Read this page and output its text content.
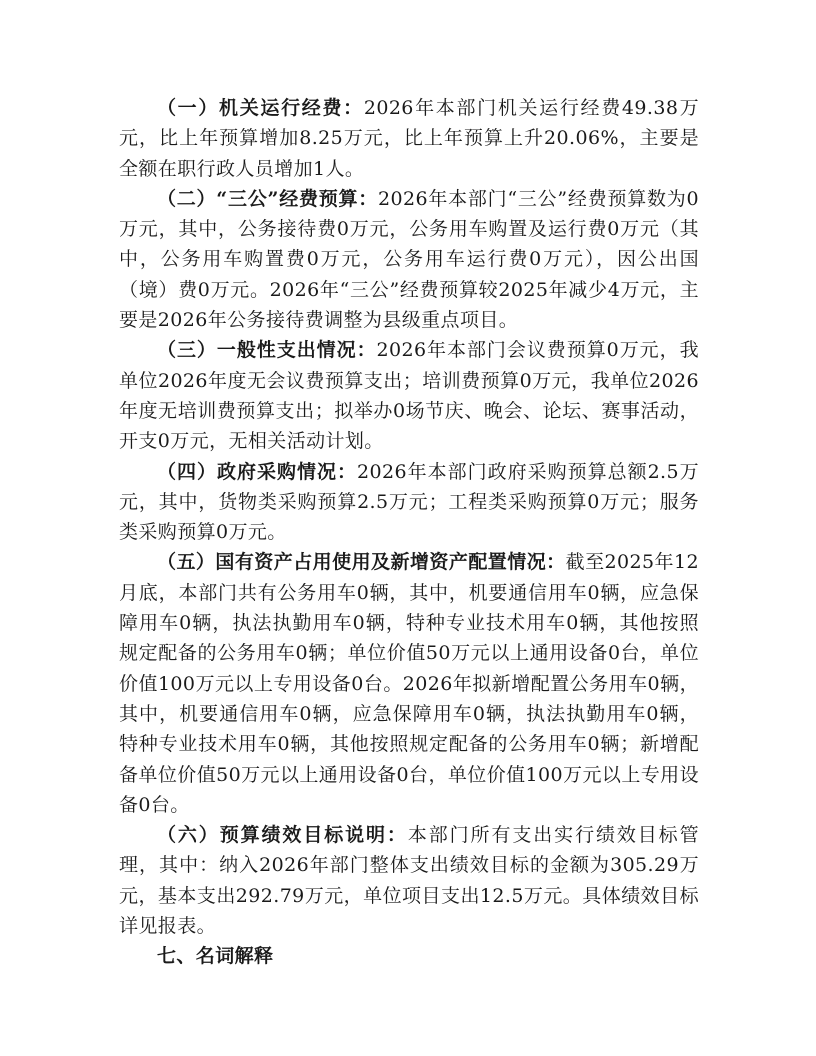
（一）机关运行经费：2026年本部门机关运行经费49.38万元，比上年预算增加8.25万元，比上年预算上升20.06%，主要是全额在职行政人员增加1人。

（二）“三公”经费预算：2026年本部门“三公”经费预算数为0万元，其中，公务接待费0万元，公务用车购置及运行费0万元（其中，公务用车购置费0万元，公务用车运行费0万元），因公出国（境）费0万元。2026年“三公”经费预算较2025年减少4万元，主要是2026年公务接待费调整为县级重点项目。

（三）一般性支出情况：2026年本部门会议费预算0万元，我单位2026年度无会议费预算支出；培训费预算0万元，我单位2026年度无培训费预算支出；拟举办0场节庆、晚会、论坛、赛事活动，开支0万元，无相关活动计划。

（四）政府采购情况：2026年本部门政府采购预算总额2.5万元，其中，货物类采购预算2.5万元；工程类采购预算0万元；服务类采购预算0万元。

（五）国有资产占用使用及新增资产配置情况：截至2025年12月底，本部门共有公务用车0辆，其中，机要通信用车0辆，应急保障用车0辆，执法执勤用车0辆，特种专业技术用车0辆，其他按照规定配备的公务用车0辆；单位价值50万元以上通用设备0台，单位价值100万元以上专用设备0台。2026年拟新增配置公务用车0辆，其中，机要通信用车0辆，应急保障用车0辆，执法执勤用车0辆，特种专业技术用车0辆，其他按照规定配备的公务用车0辆；新增配备单位价值50万元以上通用设备0台，单位价值100万元以上专用设备0台。

（六）预算绩效目标说明：本部门所有支出实行绩效目标管理，其中：纳入2026年部门整体支出绩效目标的金额为305.29万元，基本支出292.79万元，单位项目支出12.5万元。具体绩效目标详见报表。

七、名词解释
